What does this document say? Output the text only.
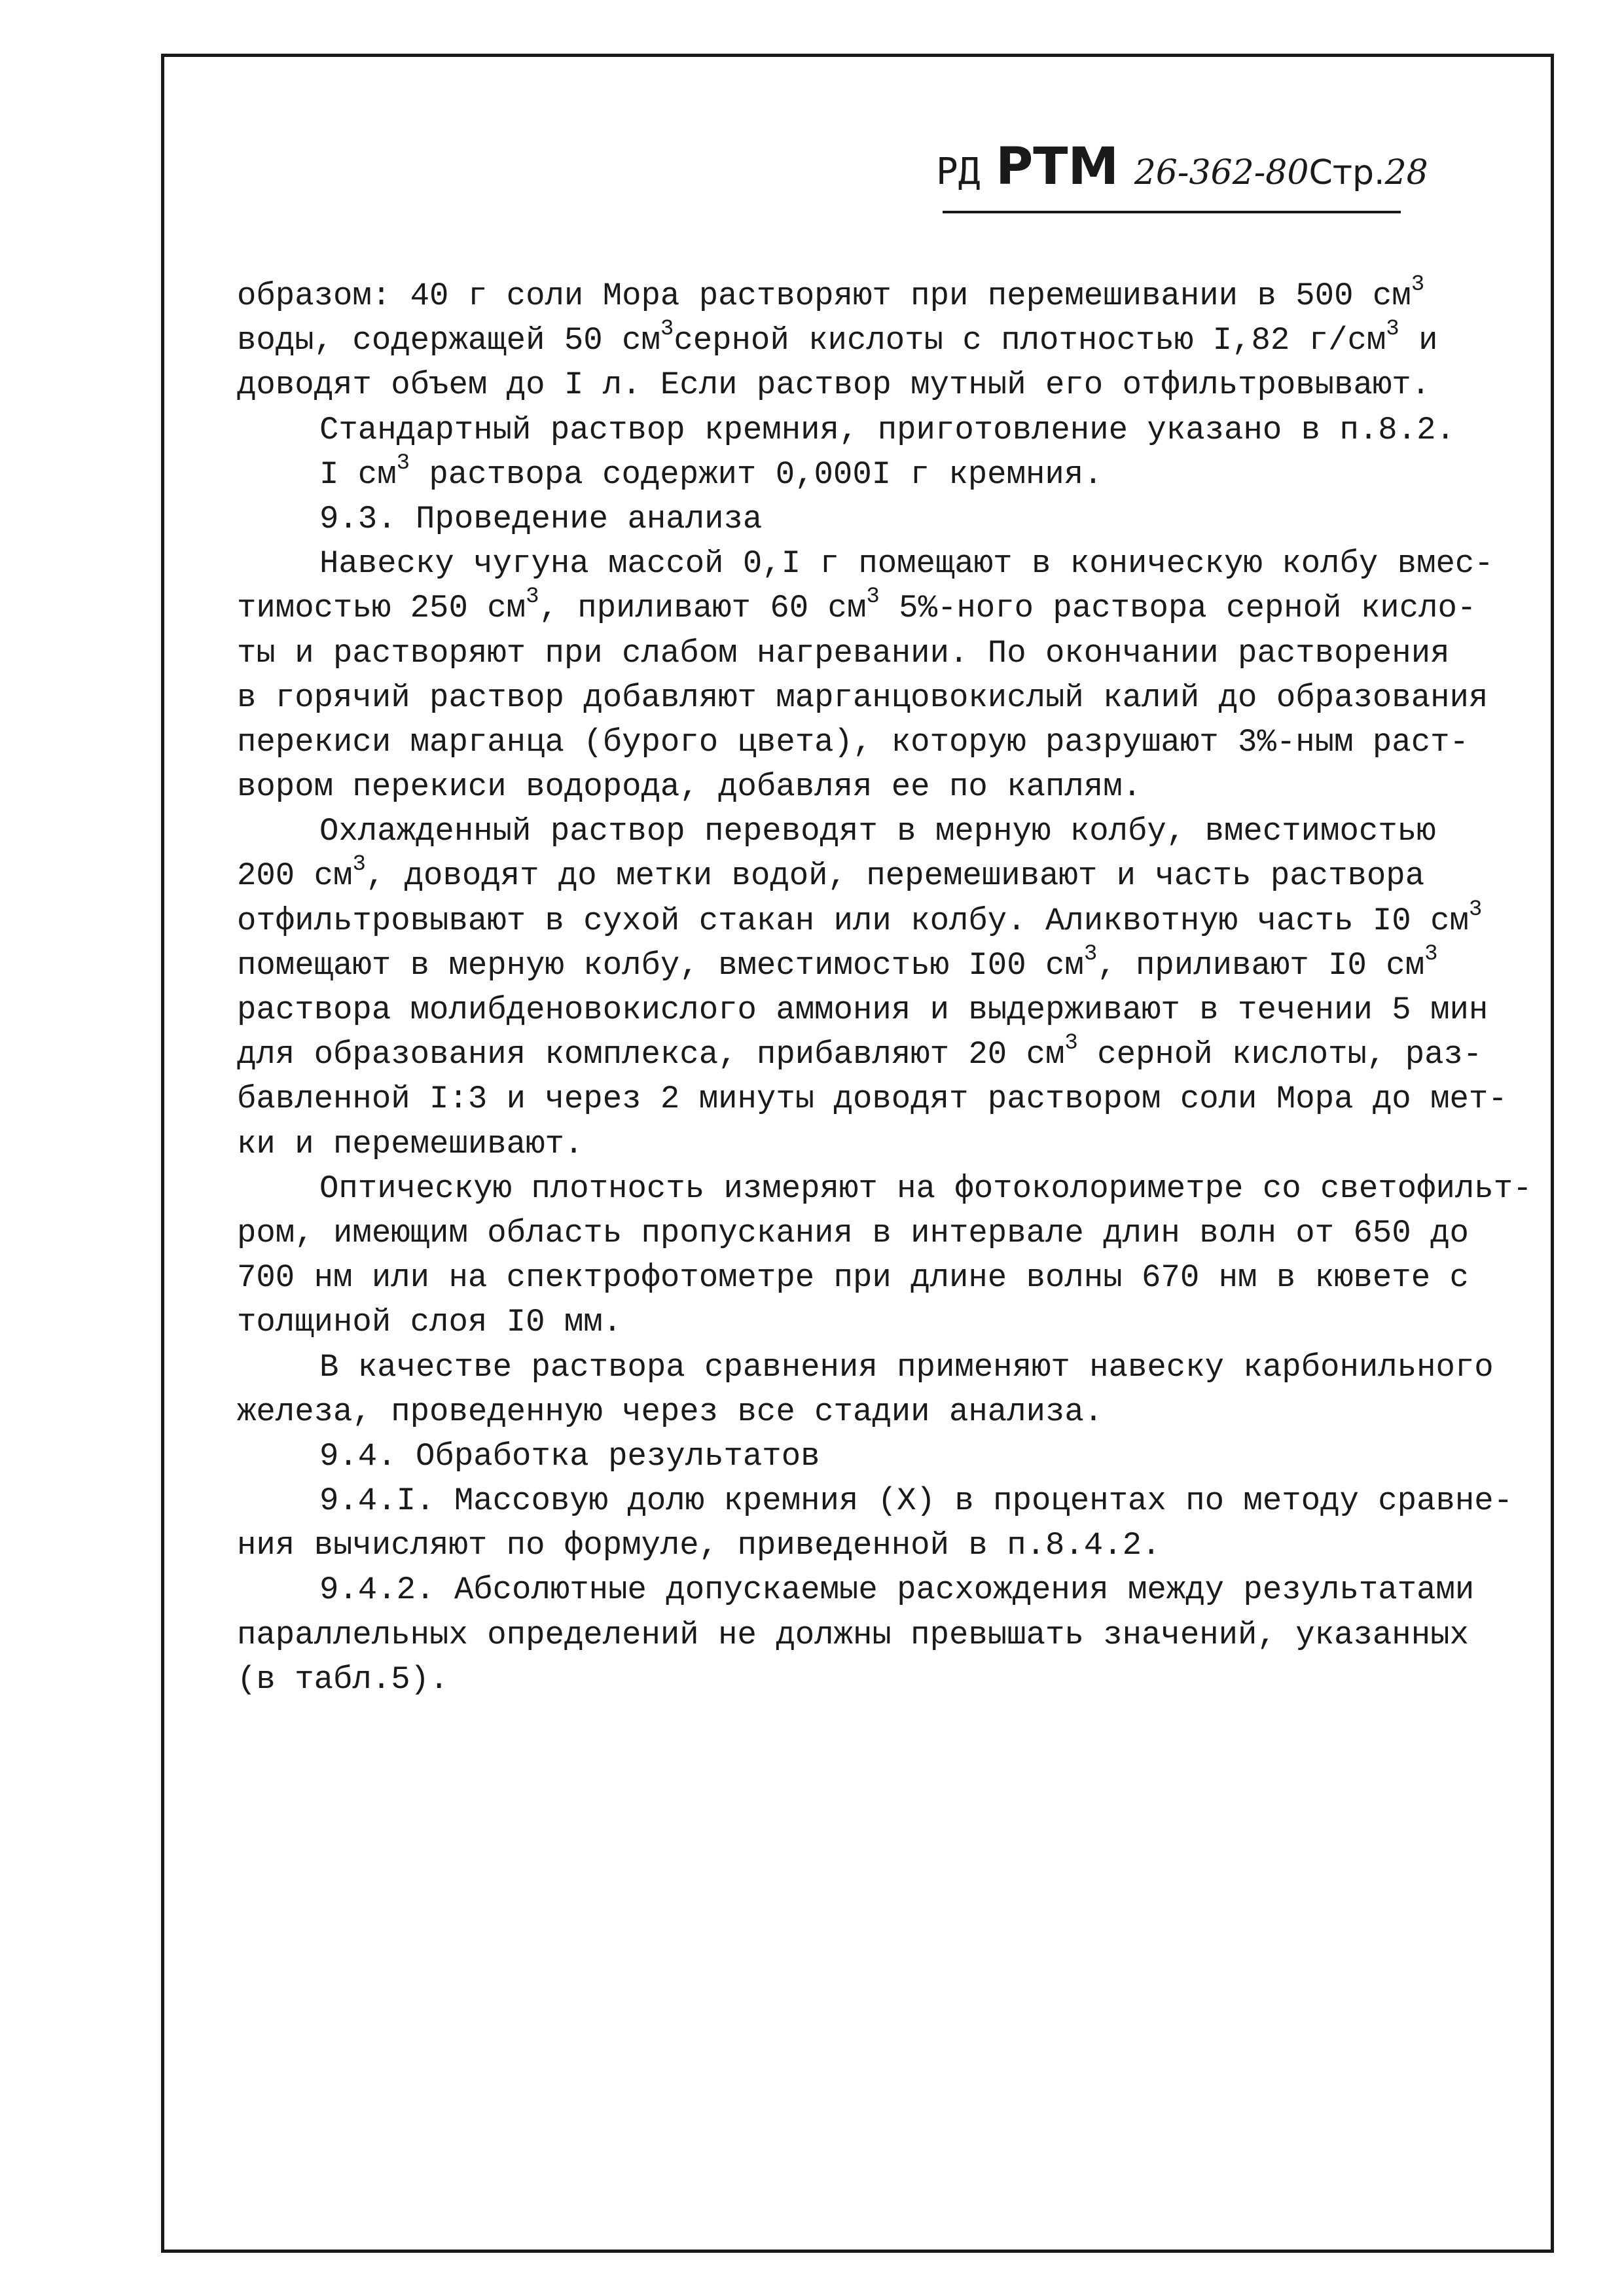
РД РТМ 26-362-80Стр.28
образом: 40 г соли Мора растворяют при перемешивании в 500 $см^3$
воды, содержащей 50 $см^3серной$ кислоты с плотностью I,82 $г/см^3$ и
доводят объем до I л. Если раствор мутный его отфильтровывают.
Стандартный раствор кремния, приготовление указано в п.8.2.
I $см^3$ раствора содержит 0,000I г кремния.
9.3. Проведение анализа
Навеску чугуна массой 0,I г помещают в коническую колбу вмес-
тимостью 250 $см^3$, приливают 60 $см^3$ 5%-ного раствора серной кисло-
ты и растворяют при слабом нагревании. По окончании растворения
в горячий раствор добавляют марганцовокислый калий до образования
перекиси марганца (бурого цвета), которую разрушают 3%-ным раст-
вором перекиси водорода, добавляя ее по каплям.
Охлажденный раствор переводят в мерную колбу, вместимостью
200 $см^3$, доводят до метки водой, перемешивают и часть раствора
отфильтровывают в сухой стакан или колбу. Аликвотную часть I0 $см^3$
помещают в мерную колбу, вместимостью I00 $см^3$, приливают I0 $см^3$
раствора молибденовокислого аммония и выдерживают в течении 5 мин
для образования комплекса, прибавляют 20 $см^3$ серной кислоты, раз-
бавленной I:3 и через 2 минуты доводят раствором соли Мора до мет-
ки и перемешивают.
Оптическую плотность измеряют на фотоколориметре со светофильт-
ром, имеющим область пропускания в интервале длин волн от 650 до
700 нм или на спектрофотометре при длине волны 670 нм в кювете с
толщиной слоя I0 мм.
В качестве раствора сравнения применяют навеску карбонильного
железа, проведенную через все стадии анализа.
9.4. Обработка результатов
9.4.I. Массовую долю кремния (X) в процентах по методу сравне-
ния вычисляют по формуле, приведенной в п.8.4.2.
9.4.2. Абсолютные допускаемые расхождения между результатами
параллельных определений не должны превышать значений, указанных
(в табл.5).
